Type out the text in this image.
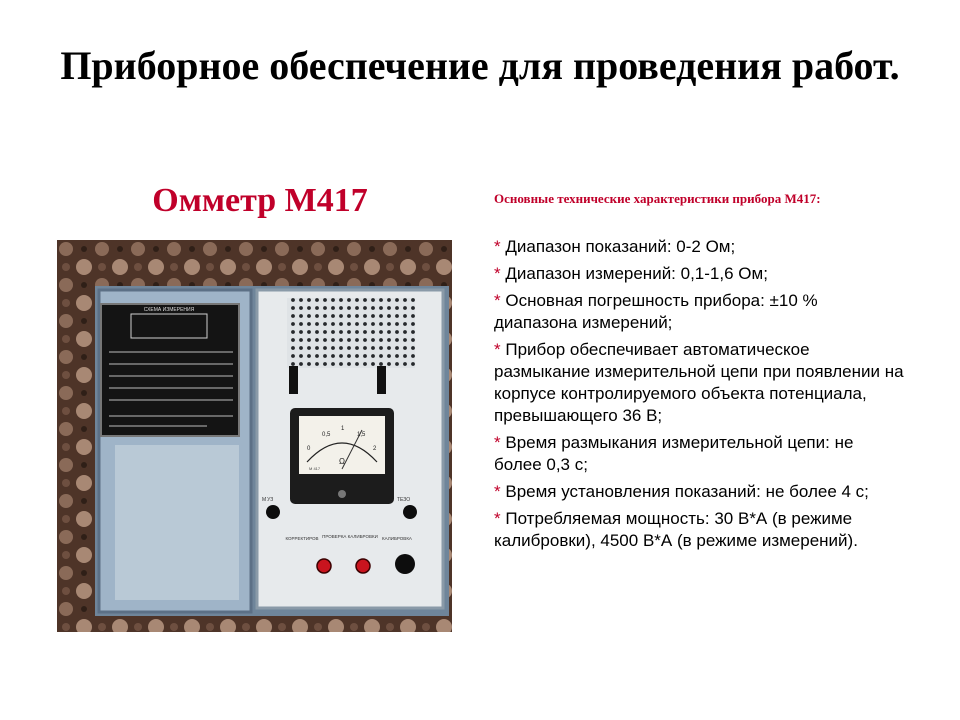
Приборное обеспечение для проведения работ.
Омметр М417
СХЕМА ИЗМЕРЕНИЯ
0
0,5
1
1,5
2
Ω
М 417
М УЗ	ТЕЗО
КОРРЕКТИРОВ ПРОВЕРКА КАЛИБРОВКИ КАЛИБРОВКА
Основные технические характеристики прибора М417:
* Диапазон показаний: 0-2 Ом;
* Диапазон измерений: 0,1-1,6 Ом;
* Основная погрешность прибора: ±10 % диапазона измерений;
* Прибор обеспечивает автоматическое размыкание измерительной цепи при появлении на корпусе контролируемого объекта потенциала, превышающего 36 В;
* Время размыкания измерительной цепи: не более 0,3 с;
* Время установления показаний: не более 4 с;
* Потребляемая мощность: 30 В*А (в режиме калибровки), 4500 В*А (в режиме измерений).
